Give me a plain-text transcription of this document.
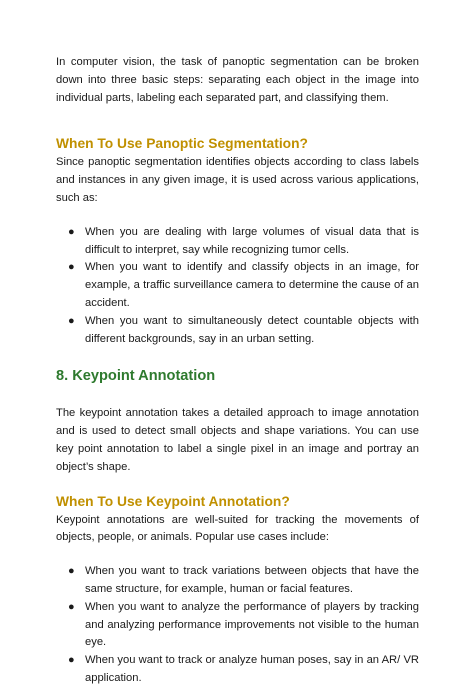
In computer vision, the task of panoptic segmentation can be broken down into three basic steps: separating each object in the image into individual parts, labeling each separated part, and classifying them.

When To Use Panoptic Segmentation?

Since panoptic segmentation identifies objects according to class labels and instances in any given image, it is used across various applications, such as:

● When you are dealing with large volumes of visual data that is difficult to interpret, say while recognizing tumor cells.
● When you want to identify and classify objects in an image, for example, a traffic surveillance camera to determine the cause of an accident.
● When you want to simultaneously detect countable objects with different backgrounds, say in an urban setting.
8. Keypoint Annotation

The keypoint annotation takes a detailed approach to image annotation and is used to detect small objects and shape variations. You can use key point annotation to label a single pixel in an image and portray an object’s shape.

When To Use Keypoint Annotation?

Keypoint annotations are well-suited for tracking the movements of objects, people, or animals. Popular use cases include:

● When you want to track variations between objects that have the same structure, for example, human or facial features.
● When you want to analyze the performance of players by tracking and analyzing performance improvements not visible to the human eye.
● When you want to track or analyze human poses, say in an AR/ VR application.
